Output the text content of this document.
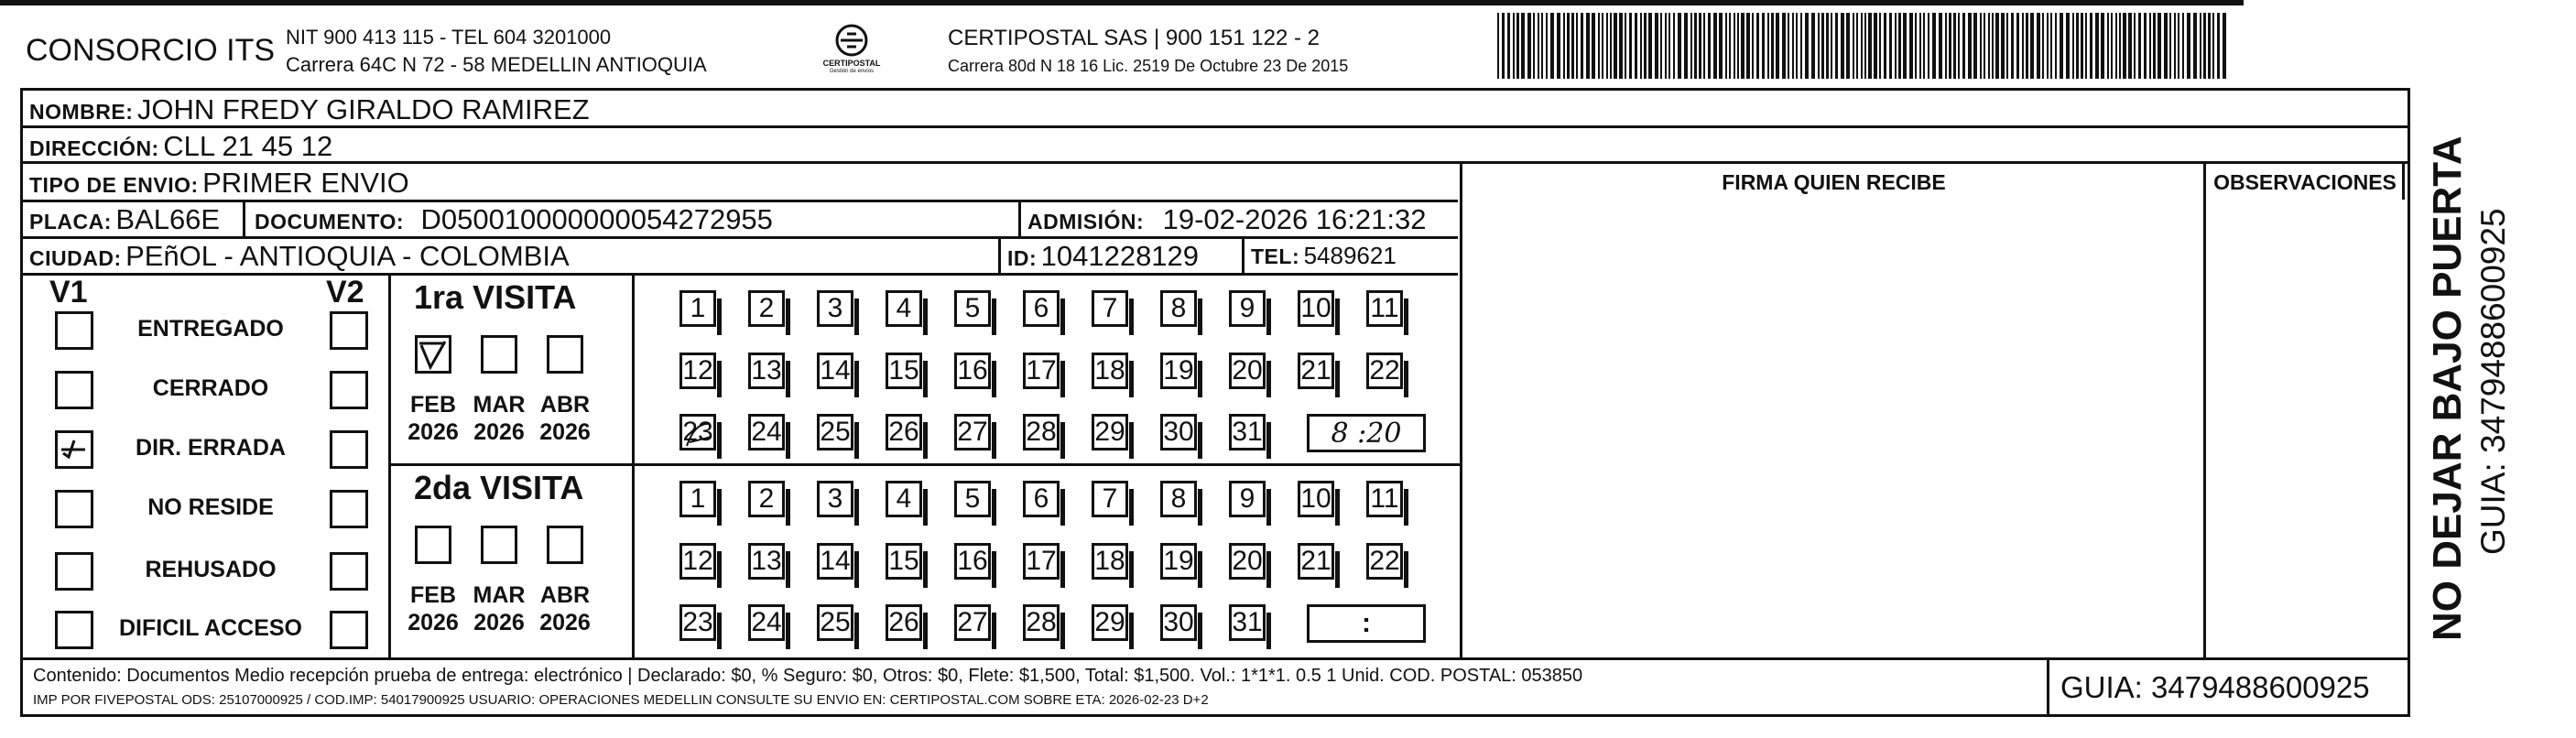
CONSORCIO ITS NIT 900 413 115 - TEL 604 3201000
Carrera 64C N 72 - 58 MEDELLIN ANTIOQUIA	CERTIPOSTAL
Gestión de envíos
CERTIPOSTAL SAS | 900 151 122 - 2
Carrera 80d N 18 16 Lic. 2519 De Octubre 23 De 2015
NOMBRE: JOHN FREDY GIRALDO RAMIREZ
DIRECCIÓN: CLL 21 45 12
TIPO DE ENVIO: PRIMER ENVIO	FIRMA QUIEN RECIBE	OBSERVACIONES
PLACA: BAL66E DOCUMENTO: D050010000000054272955	ADMISIÓN: 19-02-2026 16:21:32
CIUDAD: PEñOL - ANTIOQUIA - COLOMBIA	ID: 1041228129 TEL: 5489621
V1	V2
ENTREGADO
CERRADO
DIR. ERRADA
NO RESIDE
REHUSADO
DIFICIL ACCESO
1ra VISITA
FEB
2026
MAR
2026
ABR
2026
1 2 3 4 5 6 7 8 9 10 11
12 13 14 15 16 17 18 19 20 21 22
23 24 25 26 27 28 29 30 31 8 :20
2da VISITA
FEB
2026
MAR
2026
ABR
2026
1 2 3 4 5 6 7 8 9 10 11
12 13 14 15 16 17 18 19 20 21 22
23 24 25 26 27 28 29 30 31	:
Contenido: Documentos Medio recepción prueba de entrega: electrónico | Declarado: $0, % Seguro: $0, Otros: $0, Flete: $1,500, Total: $1,500. Vol.: 1*1*1. 0.5 1 Unid. COD. POSTAL: 053850
IMP POR FIVEPOSTAL ODS: 25107000925 / COD.IMP: 54017900925 USUARIO: OPERACIONES MEDELLIN CONSULTE SU ENVIO EN: CERTIPOSTAL.COM SOBRE ETA: 2026-02-23 D+2	GUIA: 3479488600925
NO DEJAR BAJO PUERTA GUIA: 3479488600925
